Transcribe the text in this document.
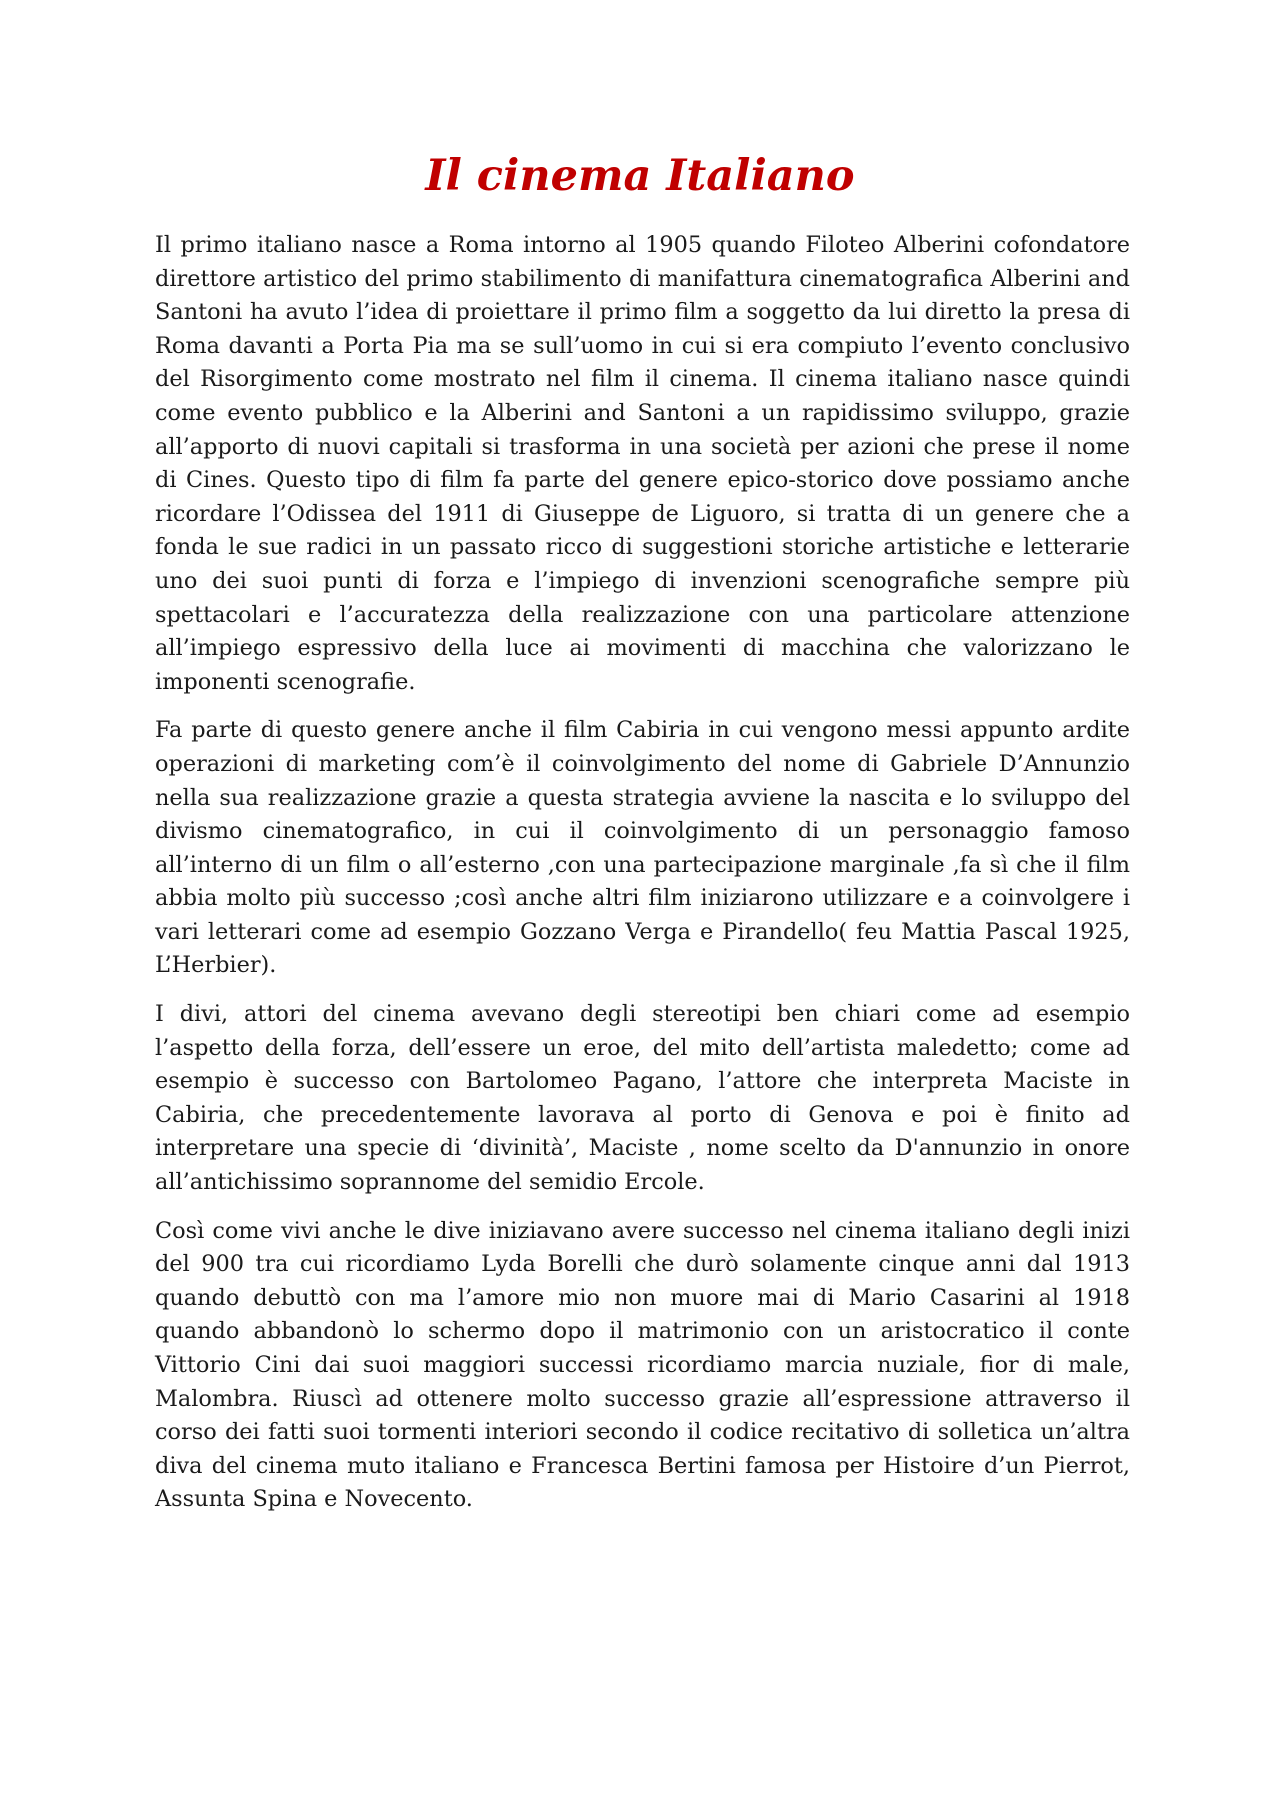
Il cinema Italiano

Il primo italiano nasce a Roma intorno al 1905 quando Filoteo Alberini cofondatore direttore artistico del primo stabilimento di manifattura cinematografica Alberini and Santoni ha avuto l’idea di proiettare il primo film a soggetto da lui diretto la presa di Roma davanti a Porta Pia ma se sull’uomo in cui si era compiuto l’evento conclusivo del Risorgimento come mostrato nel film il cinema. Il cinema italiano nasce quindi come evento pubblico e la Alberini and Santoni a un rapidissimo sviluppo, grazie all’apporto di nuovi capitali si trasforma in una società per azioni che prese il nome di Cines. Questo tipo di film fa parte del genere epico-storico dove possiamo anche ricordare l’Odissea del 1911 di Giuseppe de Liguoro, si tratta di un genere che a fonda le sue radici in un passato ricco di suggestioni storiche artistiche e letterarie uno dei suoi punti di forza e l’impiego di invenzioni scenografiche sempre più spettacolari e l’accuratezza della realizzazione con una particolare attenzione all’impiego espressivo della luce ai movimenti di macchina che valorizzano le imponenti scenografie.

Fa parte di questo genere anche il film Cabiria in cui vengono messi appunto ardite operazioni di marketing com’è il coinvolgimento del nome di Gabriele D’Annunzio nella sua realizzazione grazie a questa strategia avviene la nascita e lo sviluppo del divismo cinematografico, in cui il coinvolgimento di un personaggio famoso all’interno di un film o all’esterno ,con una partecipazione marginale ,fa sì che il film abbia molto più successo ;così anche altri film iniziarono utilizzare e a coinvolgere i vari letterari come ad esempio Gozzano Verga e Pirandello( feu Mattia Pascal 1925, L’Herbier).

I divi, attori del cinema avevano degli stereotipi ben chiari come ad esempio l’aspetto della forza, dell’essere un eroe, del mito dell’artista maledetto; come ad esempio è successo con Bartolomeo Pagano, l’attore che interpreta Maciste in Cabiria, che precedentemente lavorava al porto di Genova e poi è finito ad interpretare una specie di ‘divinità’, Maciste , nome scelto da D'annunzio in onore all’antichissimo soprannome del semidio Ercole.

Così come vivi anche le dive iniziavano avere successo nel cinema italiano degli inizi del 900 tra cui ricordiamo Lyda Borelli che durò solamente cinque anni dal 1913 quando debuttò con ma l’amore mio non muore mai di Mario Casarini al 1918 quando abbandonò lo schermo dopo il matrimonio con un aristocratico il conte Vittorio Cini dai suoi maggiori successi ricordiamo marcia nuziale, fior di male, Malombra. Riuscì ad ottenere molto successo grazie all’espressione attraverso il corso dei fatti suoi tormenti interiori secondo il codice recitativo di solletica un’altra diva del cinema muto italiano e Francesca Bertini famosa per Histoire d’un Pierrot, Assunta Spina e Novecento.
